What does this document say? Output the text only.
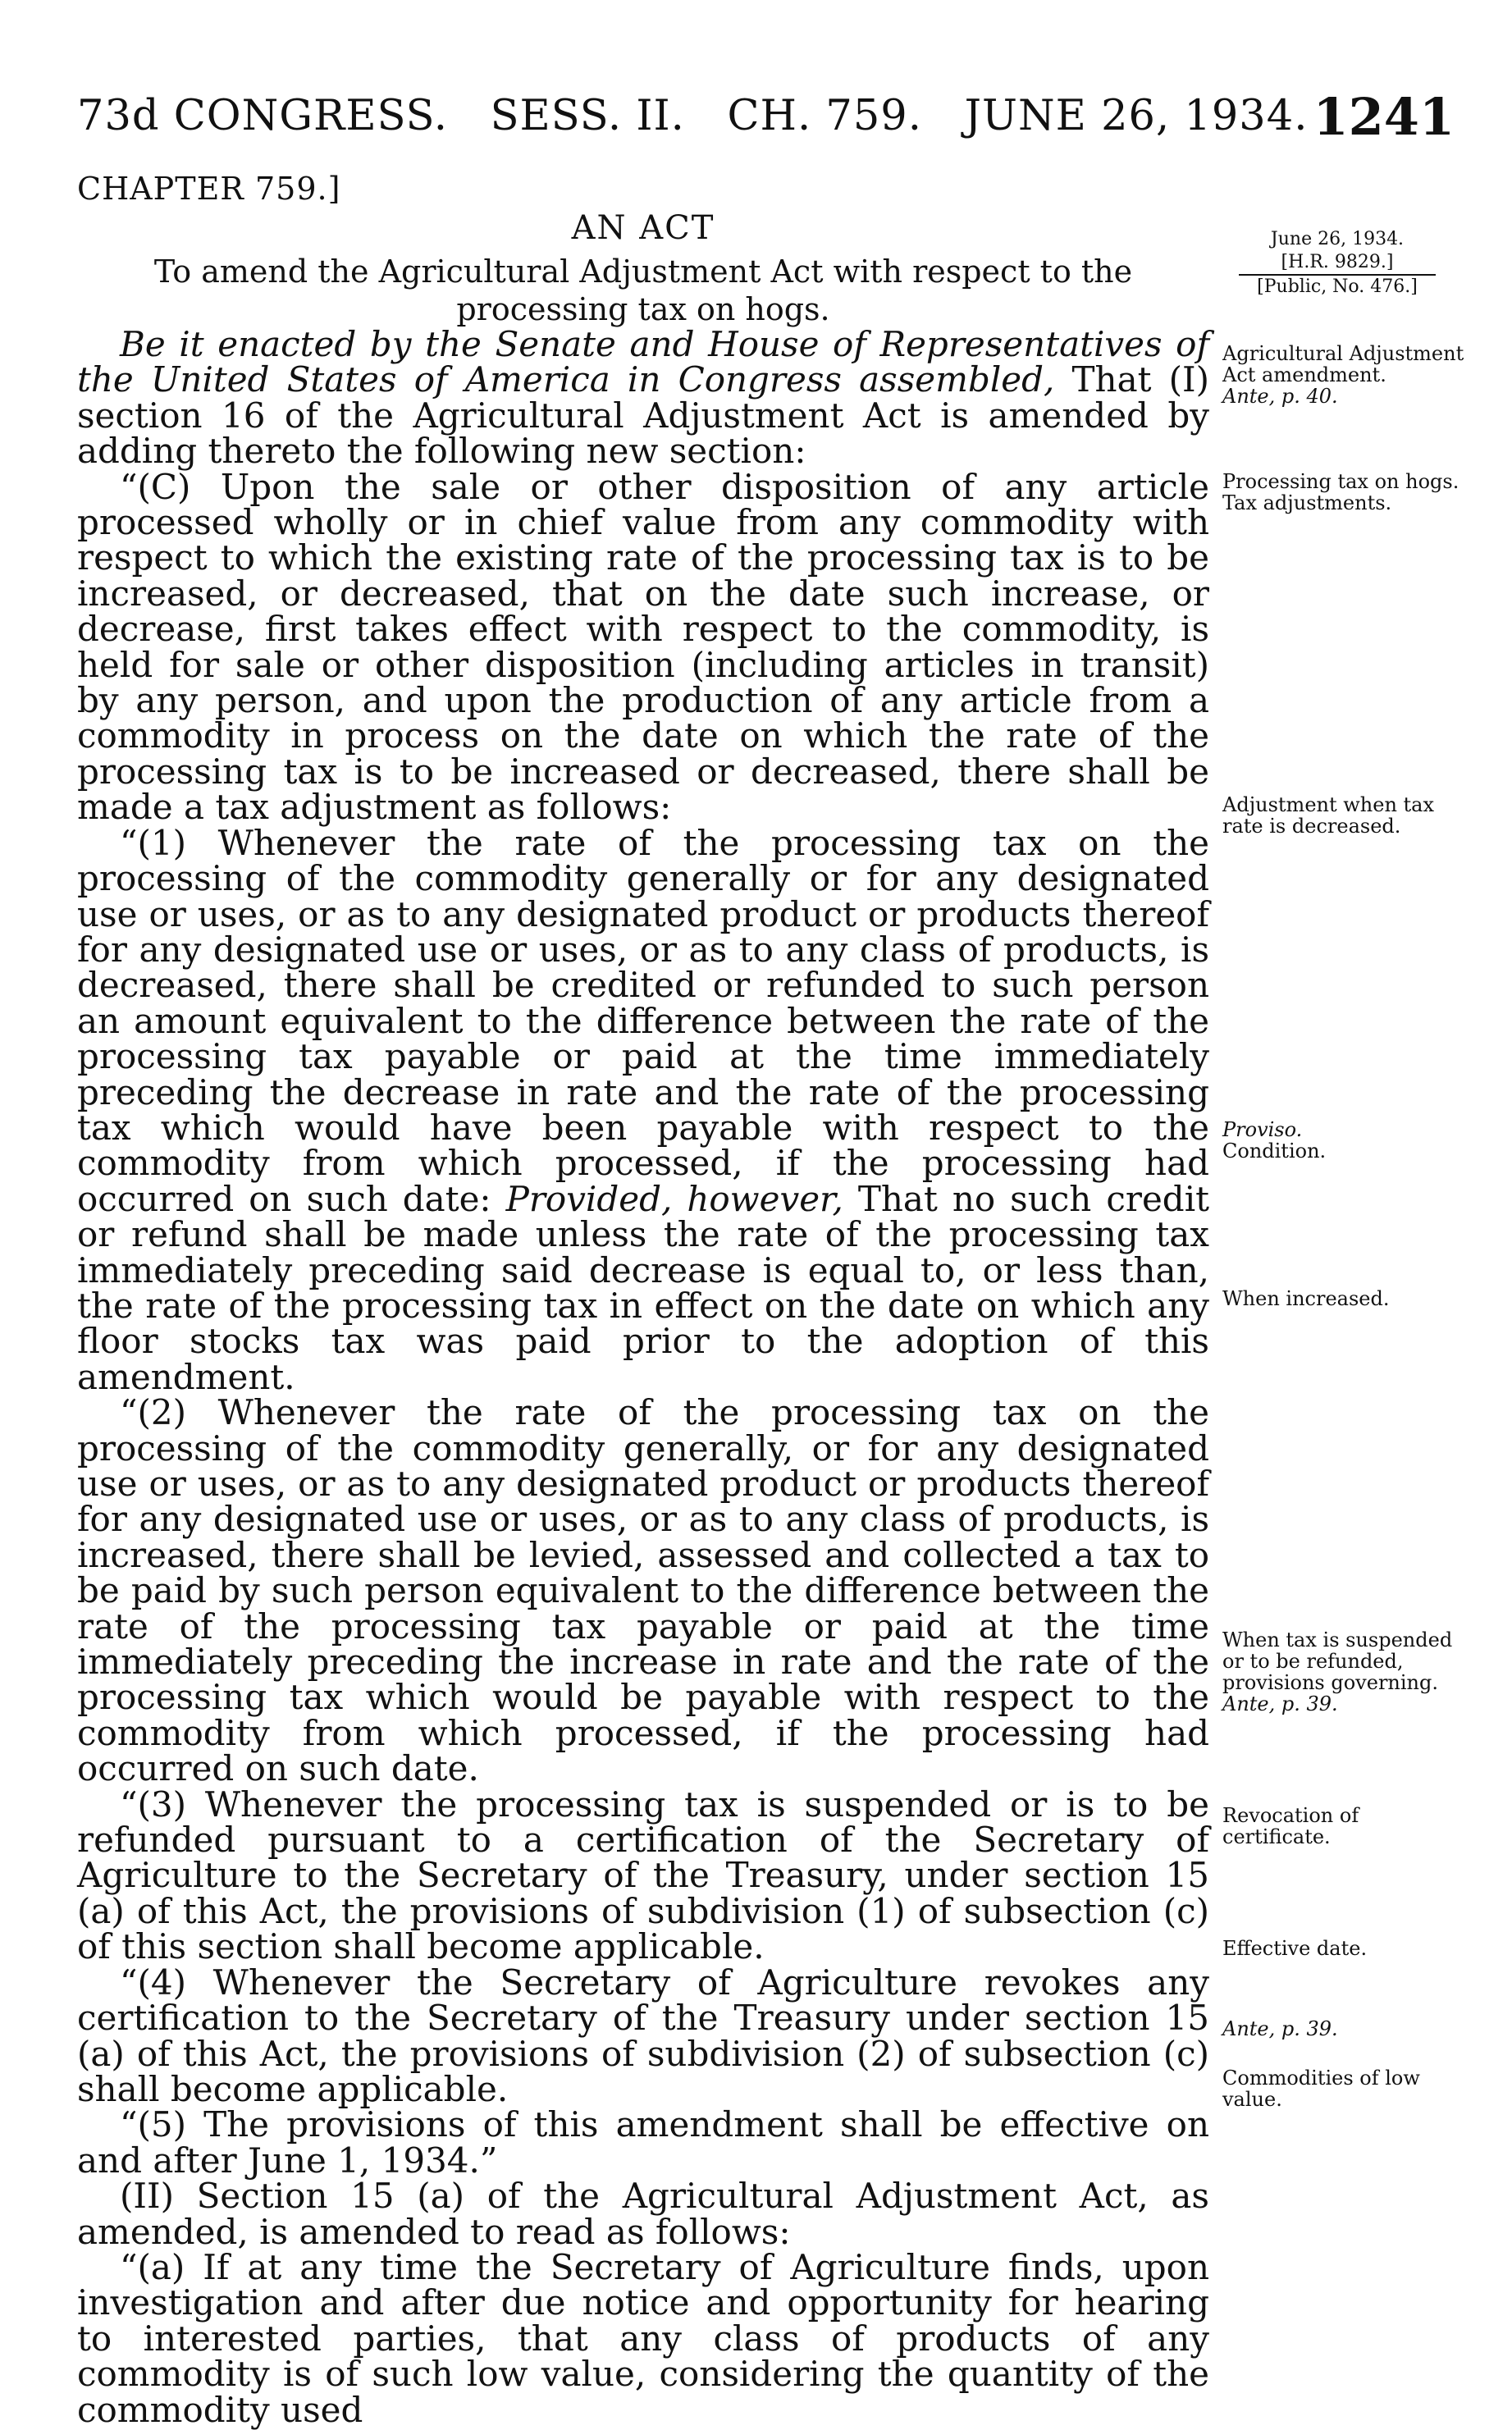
73d CONGRESS.   SESS. II.   CH. 759.   JUNE 26, 1934. 1241
CHAPTER 759.]
AN ACT
To amend the Agricultural Adjustment Act with respect to the processing tax on hogs.
June 26, 1934.
[H.R. 9829.]
[Public, No. 476.]

Be it enacted by the Senate and House of Representatives of the United States of America in Congress assembled, That (I) section 16 of the Agricultural Adjustment Act is amended by adding thereto the following new section:

“(C) Upon the sale or other disposition of any article processed wholly or in chief value from any commodity with respect to which the existing rate of the processing tax is to be increased, or decreased, that on the date such increase, or decrease, first takes effect with respect to the commodity, is held for sale or other disposition (including articles in transit) by any person, and upon the production of any article from a commodity in process on the date on which the rate of the processing tax is to be increased or decreased, there shall be made a tax adjustment as follows:

“(1) Whenever the rate of the processing tax on the processing of the commodity generally or for any designated use or uses, or as to any designated product or products thereof for any designated use or uses, or as to any class of products, is decreased, there shall be credited or refunded to such person an amount equivalent to the difference between the rate of the processing tax payable or paid at the time immediately preceding the decrease in rate and the rate of the processing tax which would have been payable with respect to the commodity from which processed, if the processing had occurred on such date: Provided, however, That no such credit or refund shall be made unless the rate of the processing tax immediately preceding said decrease is equal to, or less than, the rate of the processing tax in effect on the date on which any floor stocks tax was paid prior to the adoption of this amendment.

“(2) Whenever the rate of the processing tax on the processing of the commodity generally, or for any designated use or uses, or as to any designated product or products thereof for any designated use or uses, or as to any class of products, is increased, there shall be levied, assessed and collected a tax to be paid by such person equivalent to the difference between the rate of the processing tax payable or paid at the time immediately preceding the increase in rate and the rate of the processing tax which would be payable with respect to the commodity from which processed, if the processing had occurred on such date.

“(3) Whenever the processing tax is suspended or is to be refunded pursuant to a certification of the Secretary of Agriculture to the Secretary of the Treasury, under section 15 (a) of this Act, the provisions of subdivision (1) of subsection (c) of this section shall become applicable.

“(4) Whenever the Secretary of Agriculture revokes any certification to the Secretary of the Treasury under section 15 (a) of this Act, the provisions of subdivision (2) of subsection (c) shall become applicable.

“(5) The provisions of this amendment shall be effective on and after June 1, 1934.”

(II) Section 15 (a) of the Agricultural Adjustment Act, as amended, is amended to read as follows:

“(a) If at any time the Secretary of Agriculture finds, upon investigation and after due notice and opportunity for hearing to interested parties, that any class of products of any commodity is of such low value, considering the quantity of the commodity used

Agricultural Adjustment Act amendment.
Ante, p. 40.
Processing tax on hogs.
Tax adjustments.
Adjustment when tax rate is decreased.
Proviso.
Condition.
When increased.
When tax is suspended or to be refunded, provisions governing.
Ante, p. 39.
Revocation of certificate.
Effective date.
Ante, p. 39.
Commodities of low value.
